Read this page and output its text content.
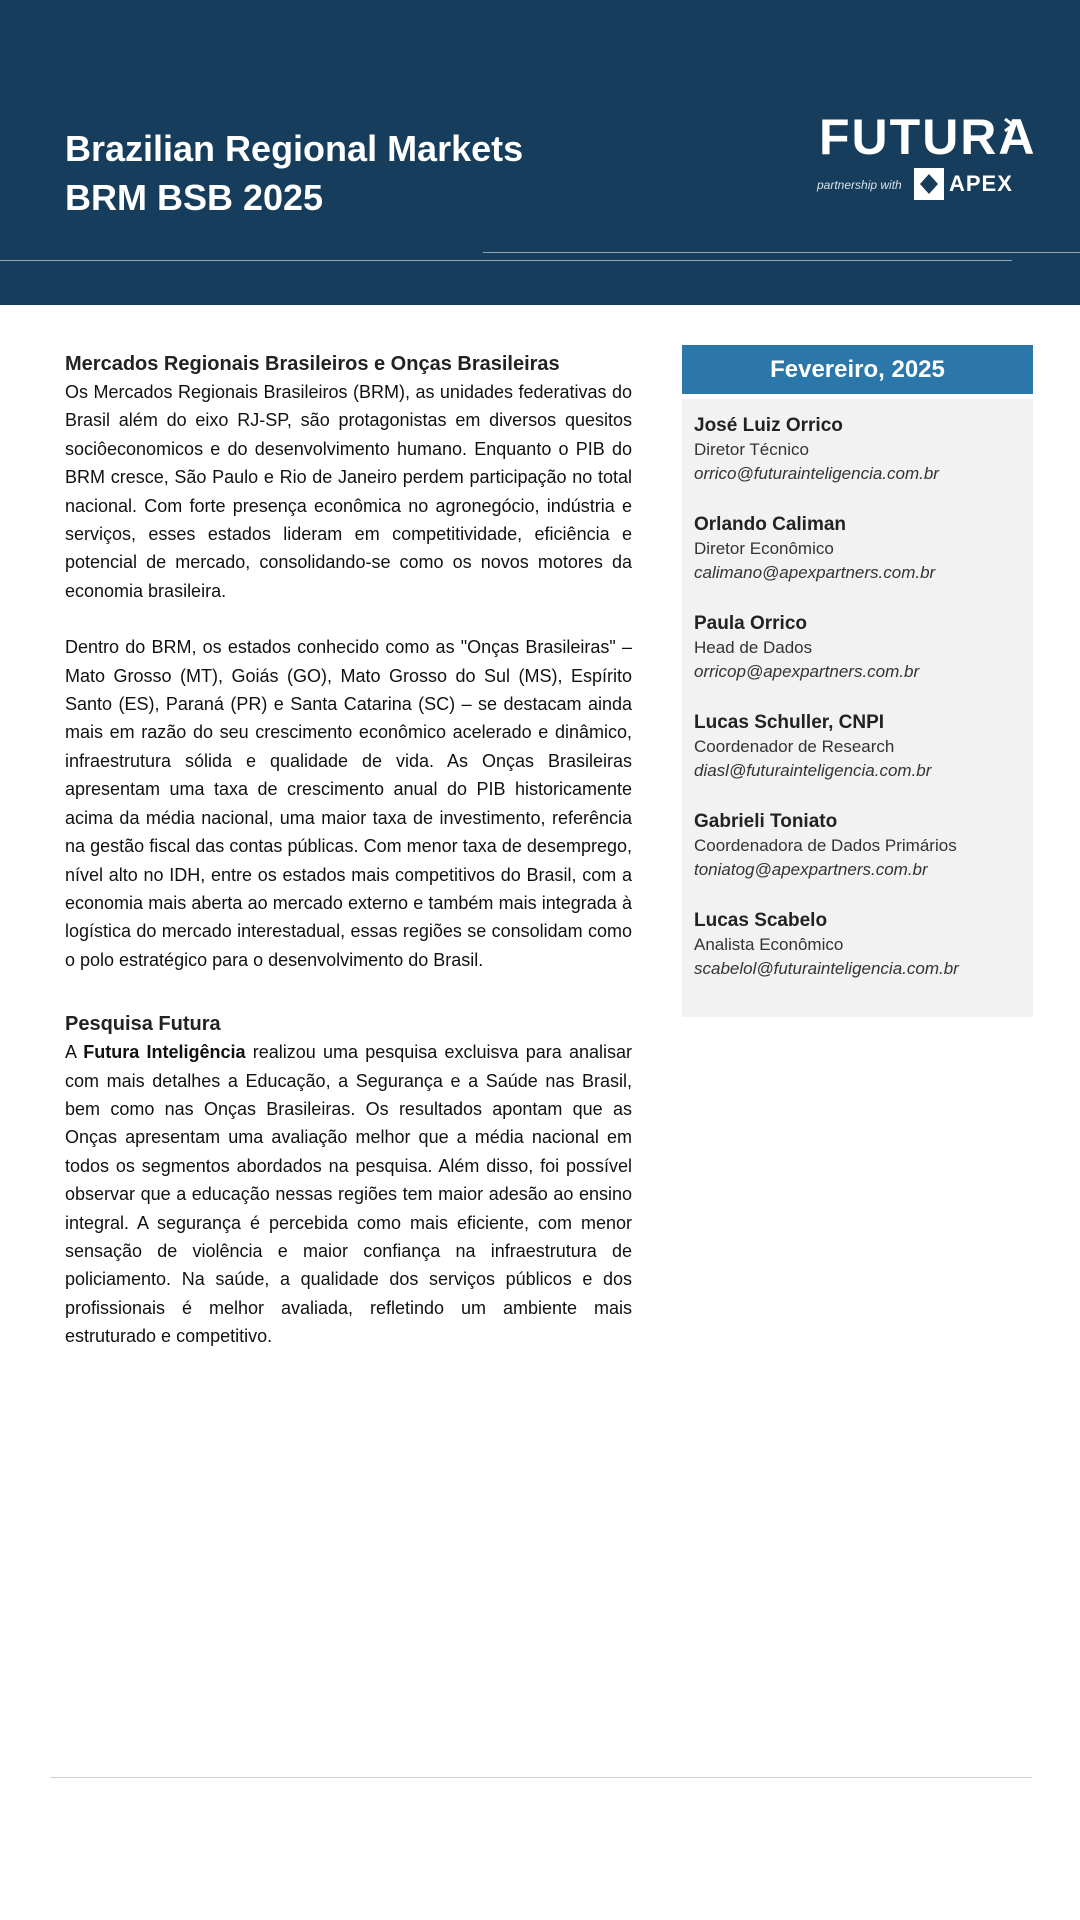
Brazilian Regional Markets
BRM BSB 2025
FUTURA
partnership with APEX
Mercados Regionais Brasileiros e Onças Brasileiras

Os Mercados Regionais Brasileiros (BRM), as unidades federativas do Brasil além do eixo RJ-SP, são protagonistas em diversos quesitos sociôeconomicos e do desenvolvimento humano. Enquanto o PIB do BRM cresce, São Paulo e Rio de Janeiro perdem participação no total nacional. Com forte presença econômica no agronegócio, indústria e serviços, esses estados lideram em competitividade, eficiência e potencial de mercado, consolidando-se como os novos motores da economia brasileira.

Dentro do BRM, os estados conhecido como as "Onças Brasileiras" – Mato Grosso (MT), Goiás (GO), Mato Grosso do Sul (MS), Espírito Santo (ES), Paraná (PR) e Santa Catarina (SC) – se destacam ainda mais em razão do seu crescimento econômico acelerado e dinâmico, infraestrutura sólida e qualidade de vida. As Onças Brasileiras apresentam uma taxa de crescimento anual do PIB historicamente acima da média nacional, uma maior taxa de investimento, referência na gestão fiscal das contas públicas. Com menor taxa de desemprego, nível alto no IDH, entre os estados mais competitivos do Brasil, com a economia mais aberta ao mercado externo e também mais integrada à logística do mercado interestadual, essas regiões se consolidam como o polo estratégico para o desenvolvimento do Brasil.

Pesquisa Futura

A Futura Inteligência realizou uma pesquisa excluisva para analisar com mais detalhes a Educação, a Segurança e a Saúde nas Brasil, bem como nas Onças Brasileiras. Os resultados apontam que as Onças apresentam uma avaliação melhor que a média nacional em todos os segmentos abordados na pesquisa. Além disso, foi possível observar que a educação nessas regiões tem maior adesão ao ensino integral. A segurança é percebida como mais eficiente, com menor sensação de violência e maior confiança na infraestrutura de policiamento. Na saúde, a qualidade dos serviços públicos e dos profissionais é melhor avaliada, refletindo um ambiente mais estruturado e competitivo.

Fevereiro, 2025
José Luiz Orrico
Diretor Técnico
orrico@futurainteligencia.com.br
Orlando Caliman
Diretor Econômico
calimano@apexpartners.com.br
Paula Orrico
Head de Dados
orricop@apexpartners.com.br
Lucas Schuller, CNPI
Coordenador de Research
diasl@futurainteligencia.com.br
Gabrieli Toniato
Coordenadora de Dados Primários
toniatog@apexpartners.com.br
Lucas Scabelo
Analista Econômico
scabelol@futurainteligencia.com.br
